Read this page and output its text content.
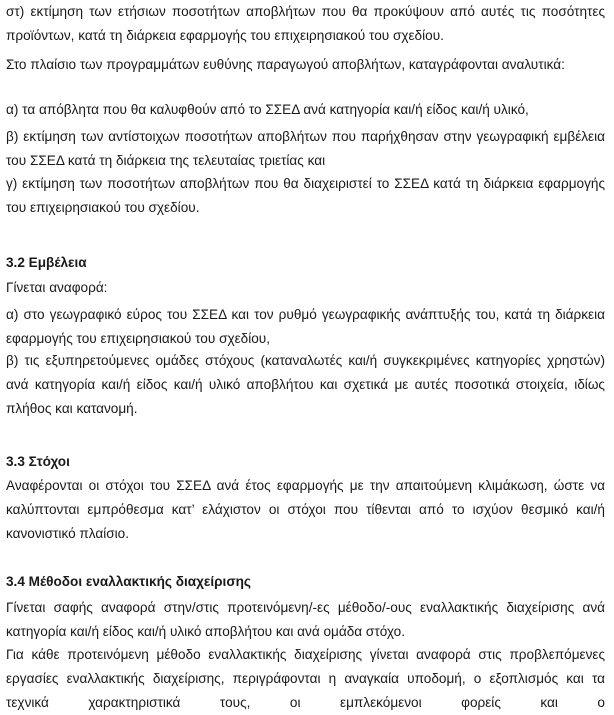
στ) εκτίμηση των ετήσιων ποσοτήτων αποβλήτων που θα προκύψουν από αυτές τις ποσότητες προϊόντων, κατά τη διάρκεια εφαρμογής του επιχειρησιακού του σχεδίου.

Στο πλαίσιο των προγραμμάτων ευθύνης παραγωγού αποβλήτων, καταγράφονται αναλυτικά:

α) τα απόβλητα που θα καλυφθούν από το ΣΣΕΔ ανά κατηγορία και/ή είδος και/ή υλικό,

β) εκτίμηση των αντίστοιχων ποσοτήτων αποβλήτων που παρήχθησαν στην γεωγραφική εμβέλεια του ΣΣΕΔ κατά τη διάρκεια της τελευταίας τριετίας και

γ) εκτίμηση των ποσοτήτων αποβλήτων που θα διαχειριστεί το ΣΣΕΔ κατά τη διάρκεια εφαρμογής του επιχειρησιακού του σχεδίου.

3.2 Εμβέλεια

Γίνεται αναφορά:

α) στο γεωγραφικό εύρος του ΣΣΕΔ και τον ρυθμό γεωγραφικής ανάπτυξής του, κατά τη διάρκεια εφαρμογής του επιχειρησιακού του σχεδίου,

β) τις εξυπηρετούμενες ομάδες στόχους (καταναλωτές και/ή συγκεκριμένες κατηγορίες χρηστών) ανά κατηγορία και/ή είδος και/ή υλικό αποβλήτου και σχετικά με αυτές ποσοτικά στοιχεία, ιδίως πλήθος και κατανομή.

3.3 Στόχοι

Αναφέρονται οι στόχοι του ΣΣΕΔ ανά έτος εφαρμογής με την απαιτούμενη κλιμάκωση, ώστε να καλύπτονται εμπρόθεσμα κατ’ ελάχιστον οι στόχοι που τίθενται από το ισχύον θεσμικό και/ή κανονιστικό πλαίσιο.

3.4 Μέθοδοι εναλλακτικής διαχείρισης

Γίνεται σαφής αναφορά στην/στις προτεινόμενη/-ες μέθοδο/-ους εναλλακτικής διαχείρισης ανά κατηγορία και/ή είδος και/ή υλικό αποβλήτου και ανά ομάδα στόχο.

Για κάθε προτεινόμενη μέθοδο εναλλακτικής διαχείρισης γίνεται αναφορά στις προβλεπόμενες εργασίες εναλλακτικής διαχείρισης, περιγράφονται η αναγκαία υποδομή, ο εξοπλισμός και τα τεχνικά χαρακτηριστικά τους, οι εμπλεκόμενοι φορείς και ο
